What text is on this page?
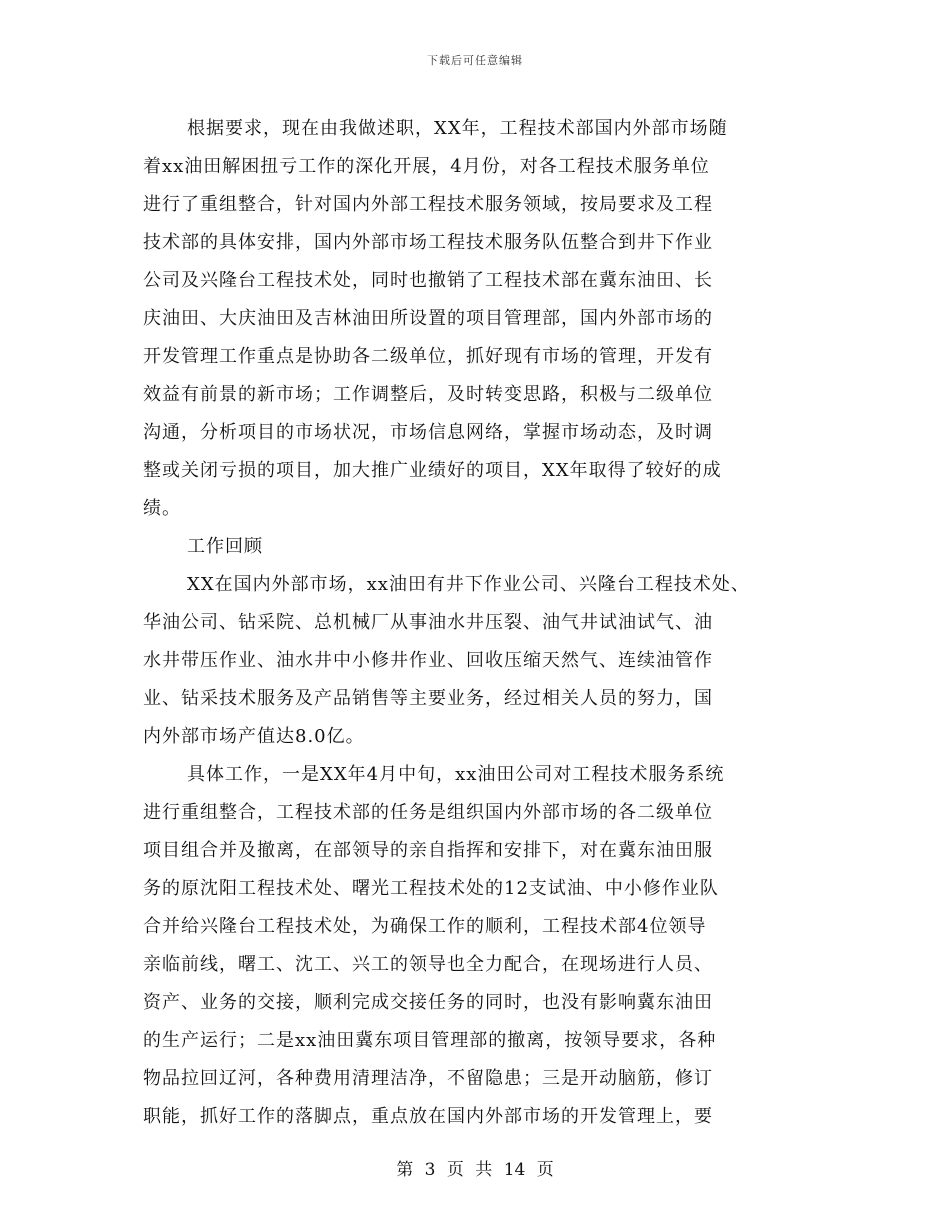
下载后可任意编辑
根据要求，现在由我做述职，XX年，工程技术部国内外部市场随
着xx油田解困扭亏工作的深化开展，4月份，对各工程技术服务单位
进行了重组整合，针对国内外部工程技术服务领域，按局要求及工程
技术部的具体安排，国内外部市场工程技术服务队伍整合到井下作业
公司及兴隆台工程技术处，同时也撤销了工程技术部在冀东油田、长
庆油田、大庆油田及吉林油田所设置的项目管理部，国内外部市场的
开发管理工作重点是协助各二级单位，抓好现有市场的管理，开发有
效益有前景的新市场；工作调整后，及时转变思路，积极与二级单位
沟通，分析项目的市场状况，市场信息网络，掌握市场动态，及时调
整或关闭亏损的项目，加大推广业绩好的项目，XX年取得了较好的成
绩。
工作回顾
XX在国内外部市场，xx油田有井下作业公司、兴隆台工程技术处、
华油公司、钻采院、总机械厂从事油水井压裂、油气井试油试气、油
水井带压作业、油水井中小修井作业、回收压缩天然气、连续油管作
业、钻采技术服务及产品销售等主要业务，经过相关人员的努力，国
内外部市场产值达8.0亿。
具体工作，一是XX年4月中旬，xx油田公司对工程技术服务系统
进行重组整合，工程技术部的任务是组织国内外部市场的各二级单位
项目组合并及撤离，在部领导的亲自指挥和安排下，对在冀东油田服
务的原沈阳工程技术处、曙光工程技术处的12支试油、中小修作业队
合并给兴隆台工程技术处，为确保工作的顺利，工程技术部4位领导
亲临前线，曙工、沈工、兴工的领导也全力配合，在现场进行人员、
资产、业务的交接，顺利完成交接任务的同时，也没有影响冀东油田
的生产运行；二是xx油田冀东项目管理部的撤离，按领导要求，各种
物品拉回辽河，各种费用清理洁净，不留隐患；三是开动脑筋，修订
职能，抓好工作的落脚点，重点放在国内外部市场的开发管理上，要
第 3 页 共 14 页
